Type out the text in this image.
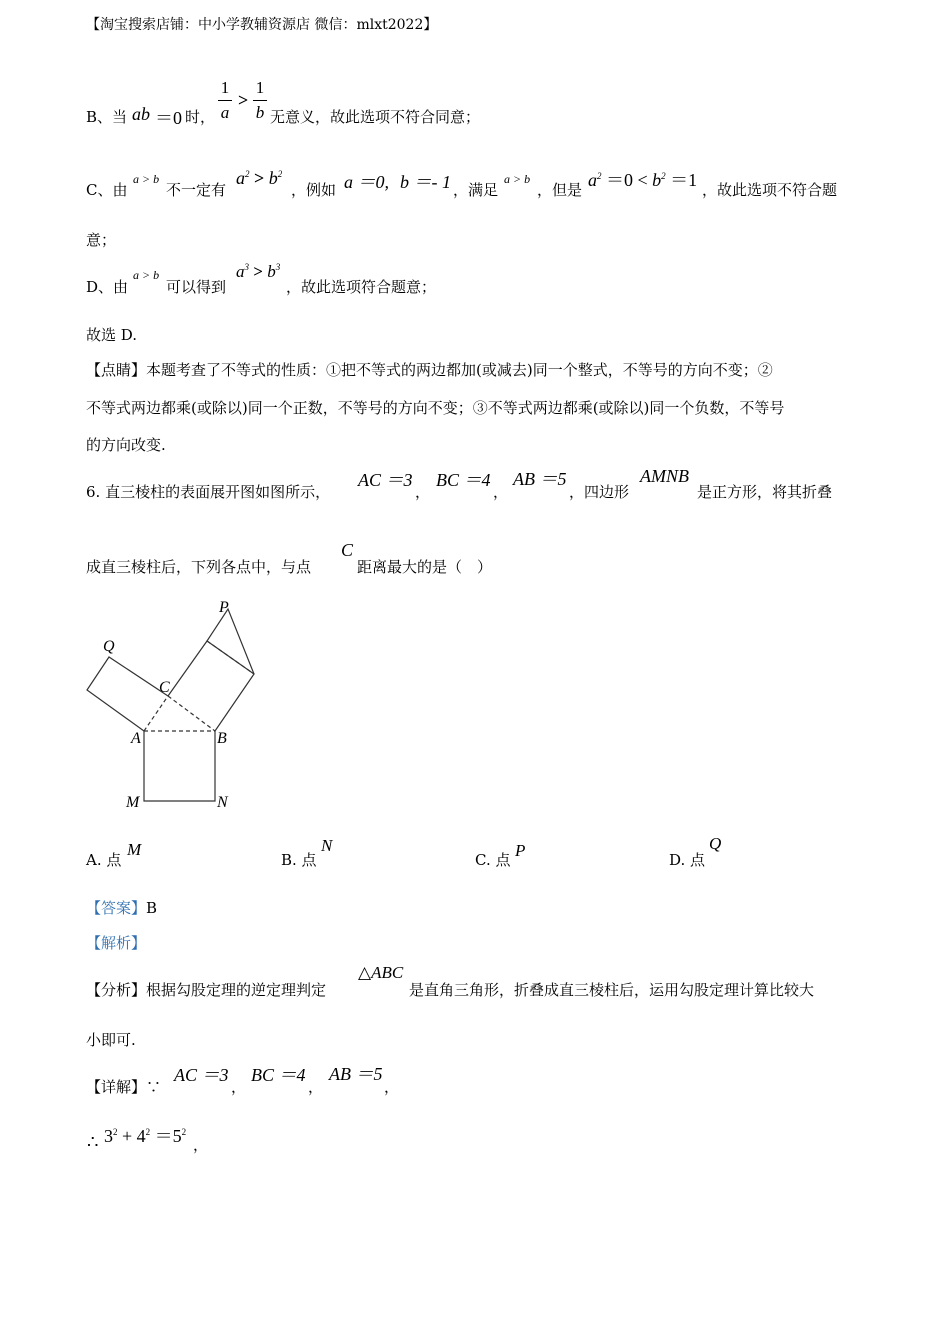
【淘宝搜索店铺：中小学教辅资源店 微信：mlxt2022】
B、当 ab ＝0 时，
1
a
>
1
b 无意义，故此选项不符合同意；
C、由
a > b
不一定有
$a^2 > b^2$
，例如 a ＝0, b ＝- 1 ，满足
a > b
，但是 $a^2 =0 < b^2 =1$ ，故此选项不符合题
意；
D、由
a > b
可以得到
$a^3 > b^3$
，故此选项符合题意；
故选 D.
【点睛】本题考查了不等式的性质：①把不等式的两边都加(或减去)同一个整式，不等号的方向不变；②
不等式两边都乘(或除以)同一个正数，不等号的方向不变；③不等式两边都乘(或除以)同一个负数，不等号
的方向改变.
6. 直三棱柱的表面展开图如图所示，
AC ＝3
，
BC ＝4
，
AB ＝5
，四边形
AMNB
是正方形，将其折叠
成直三棱柱后，下列各点中，与点
C
距离最大的是（　）
P
Q
C
A	B
M	N
A. 点
M
B. 点
N
C. 点 P	D. 点
Q
【答案】B
【解析】
【分析】根据勾股定理的逆定理判定
△ABC
是直角三角形，折叠成直三棱柱后，运用勾股定理计算比较大
小即可.
【详解】∵
AC ＝3
，
BC ＝4
，
AB ＝5
，
∴ $3^2 + 4^2 =5^2$
，
